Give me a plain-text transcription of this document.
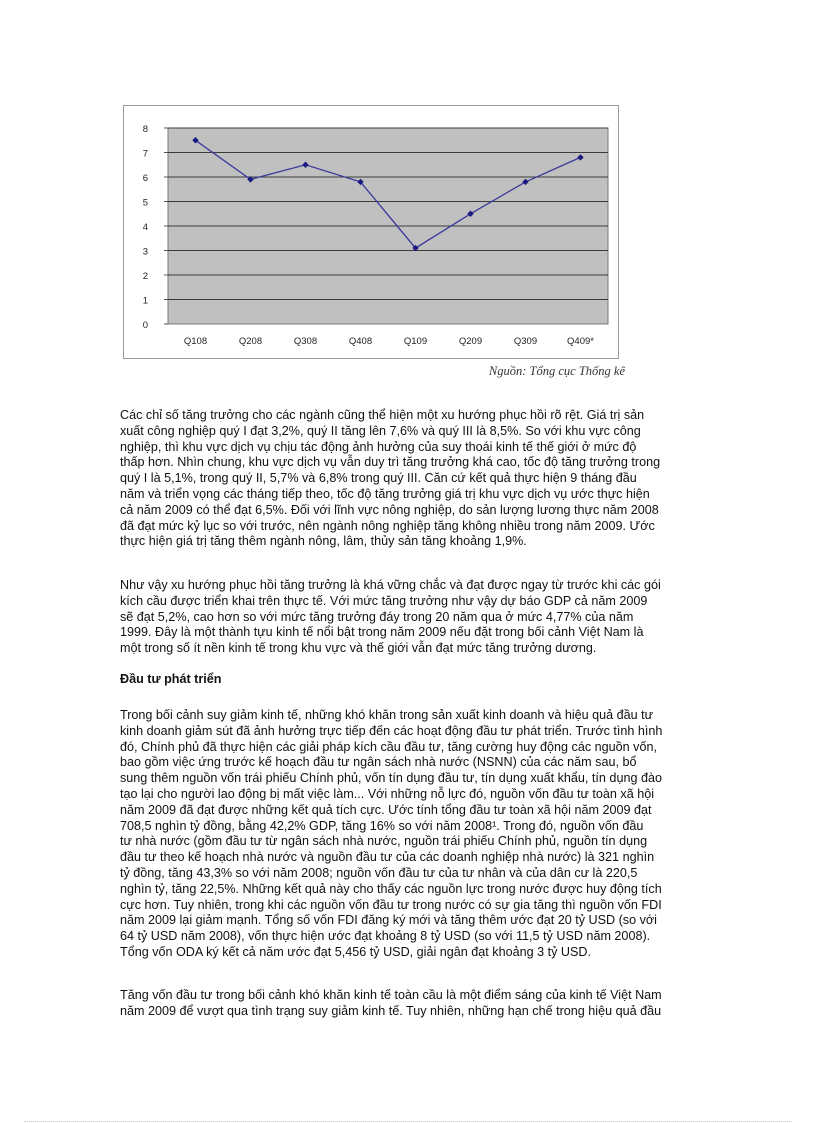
0
1
2
3
4
5
6
7
8
Q108	Q208	Q308	Q408	Q109	Q209	Q309	Q409*
Nguồn: Tổng cục Thống kê
Các chỉ số tăng trưởng cho các ngành cũng thể hiện một xu hướng phục hồi rõ rệt. Giá trị sản
xuất công nghiệp quý I đạt 3,2%, quý II tăng lên 7,6% và quý III là 8,5%. So với khu vực công
nghiệp, thì khu vực dịch vụ chịu tác động ảnh hưởng của suy thoái kinh tế thế giới ở mức độ
thấp hơn. Nhìn chung, khu vực dịch vụ vẫn duy trì tăng trưởng khá cao, tốc độ tăng trưởng trong
quý I là 5,1%, trong quý II, 5,7% và 6,8% trong quý III. Căn cứ kết quả thực hiện 9 tháng đầu
năm và triển vọng các tháng tiếp theo, tốc độ tăng trưởng giá trị khu vực dịch vụ ước thực hiện
cả năm 2009 có thể đạt 6,5%. Đối với lĩnh vực nông nghiệp, do sản lượng lương thực năm 2008
đã đạt mức kỷ lục so với trước, nên ngành nông nghiệp tăng không nhiều trong năm 2009. Ước
thực hiện giá trị tăng thêm ngành nông, lâm, thủy sản tăng khoảng 1,9%.
Như vậy xu hướng phục hồi tăng trưởng là khá vững chắc và đạt được ngay từ trước khi các gói
kích cầu được triển khai trên thực tế. Với mức tăng trưởng như vậy dự báo GDP cả năm 2009
sẽ đạt 5,2%, cao hơn so với mức tăng trưởng đáy trong 20 năm qua ở mức 4,77% của năm
1999. Đây là một thành tựu kinh tế nổi bật trong năm 2009 nếu đặt trong bối cảnh Việt Nam là
một trong số ít nền kinh tế trong khu vực và thế giới vẫn đạt mức tăng trưởng dương.
Đầu tư phát triển
Trong bối cảnh suy giảm kinh tế, những khó khăn trong sản xuất kinh doanh và hiệu quả đầu tư
kinh doanh giảm sút đã ảnh hưởng trực tiếp đến các hoạt động đầu tư phát triển. Trước tình hình
đó, Chính phủ đã thực hiện các giải pháp kích cầu đầu tư, tăng cường huy động các nguồn vốn,
bao gồm việc ứng trước kế hoạch đầu tư ngân sách nhà nước (NSNN) của các năm sau, bổ
sung thêm nguồn vốn trái phiếu Chính phủ, vốn tín dụng đầu tư, tín dụng xuất khẩu, tín dụng đào
tạo lại cho người lao động bị mất việc làm... Với những nỗ lực đó, nguồn vốn đầu tư toàn xã hội
năm 2009 đã đạt được những kết quả tích cực. Ước tính tổng đầu tư toàn xã hội năm 2009 đạt
708,5 nghìn tỷ đồng, bằng 42,2% GDP, tăng 16% so với năm 2008¹. Trong đó, nguồn vốn đầu
tư nhà nước (gồm đầu tư từ ngân sách nhà nước, nguồn trái phiếu Chính phủ, nguồn tín dụng
đầu tư theo kế hoạch nhà nước và nguồn đầu tư của các doanh nghiệp nhà nước) là 321 nghìn
tỷ đồng, tăng 43,3% so với năm 2008; nguồn vốn đầu tư của tư nhân và của dân cư là 220,5
nghìn tỷ, tăng 22,5%. Những kết quả này cho thấy các nguồn lực trong nước được huy động tích
cực hơn. Tuy nhiên, trong khi các nguồn vốn đầu tư trong nước có sự gia tăng thì nguồn vốn FDI
năm 2009 lại giảm mạnh. Tổng số vốn FDI đăng ký mới và tăng thêm ước đạt 20 tỷ USD (so với
64 tỷ USD năm 2008), vốn thực hiện ước đạt khoảng 8 tỷ USD (so với 11,5 tỷ USD năm 2008).
Tổng vốn ODA ký kết cả năm ước đạt 5,456 tỷ USD, giải ngân đạt khoảng 3 tỷ USD.
Tăng vốn đầu tư trong bối cảnh khó khăn kinh tế toàn cầu là một điểm sáng của kinh tế Việt Nam
năm 2009 để vượt qua tình trạng suy giảm kinh tế. Tuy nhiên, những hạn chế trong hiệu quả đầu
